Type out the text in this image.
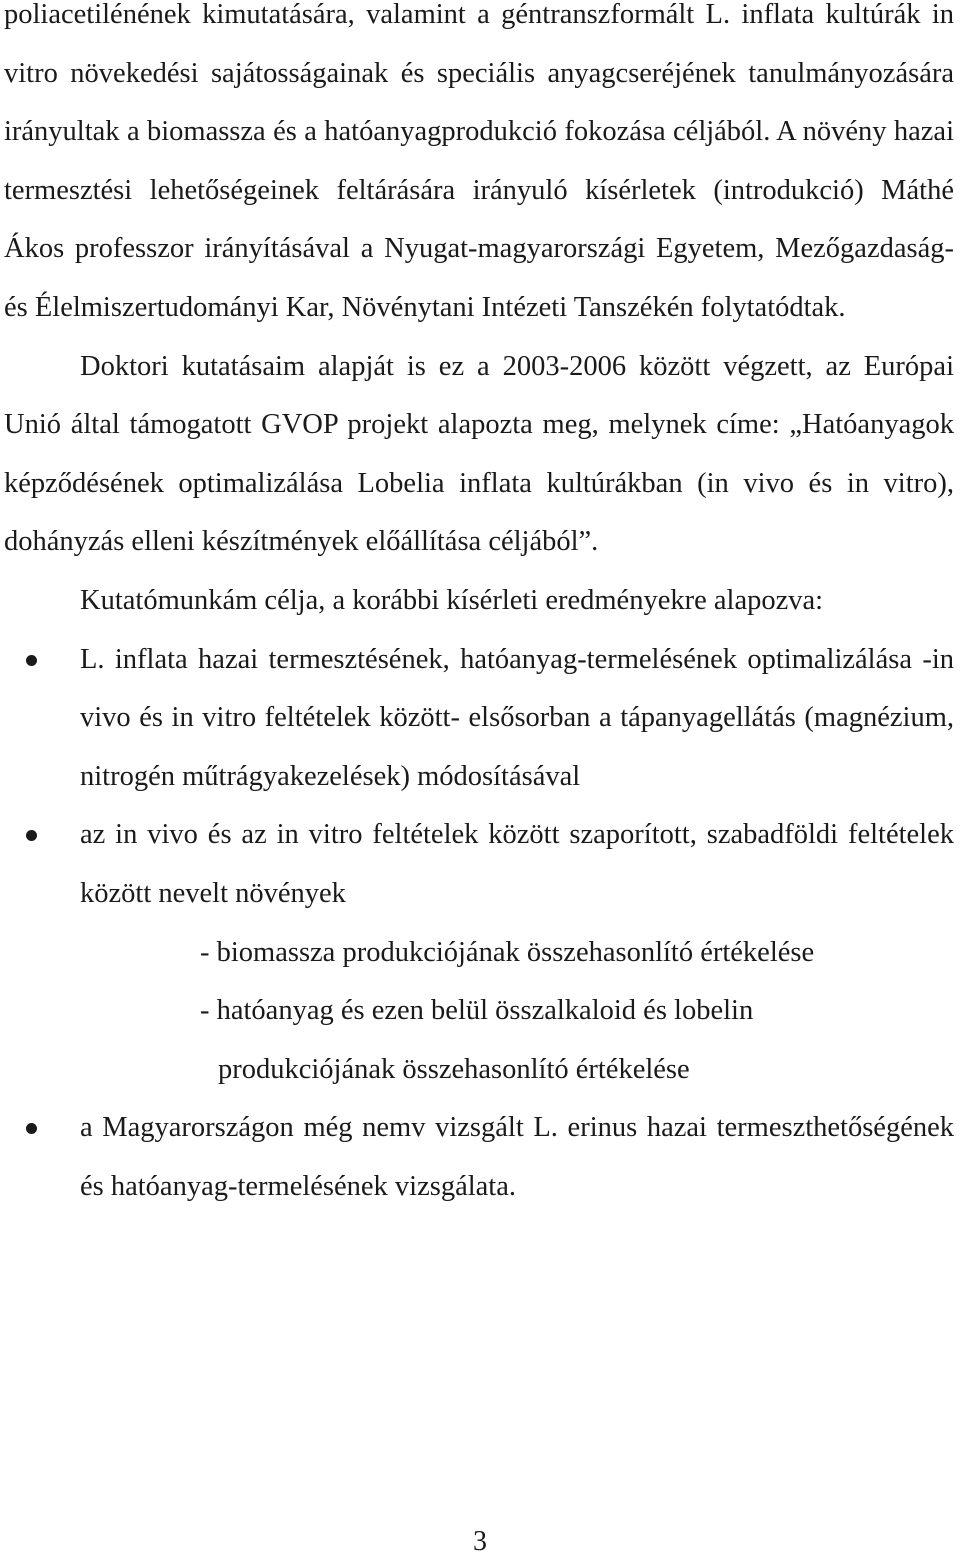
poliacetilénének kimutatására, valamint a géntranszformált L. inflata kultúrák in vitro növekedési sajátosságainak és speciális anyagcseréjének tanulmányozására irányultak a biomassza és a hatóanyagprodukció fokozása céljából. A növény hazai termesztési lehetőségeinek feltárására irányuló kísérletek (introdukció) Máthé Ákos professzor irányításával a Nyugat-magyarországi Egyetem, Mezőgazdaság- és Élelmiszertudományi Kar, Növénytani Intézeti Tanszékén folytatódtak.

Doktori kutatásaim alapját is ez a 2003-2006 között végzett, az Európai Unió által támogatott GVOP projekt alapozta meg, melynek címe: „Hatóanyagok képződésének optimalizálása Lobelia inflata kultúrákban (in vivo és in vitro), dohányzás elleni készítmények előállítása céljából”.

Kutatómunkám célja, a korábbi kísérleti eredményekre alapozva:

L. inflata hazai termesztésének, hatóanyag-termelésének optimalizálása -in vivo és in vitro feltételek között- elsősorban a tápanyagellátás (magnézium, nitrogén műtrágyakezelések) módosításával
az in vivo és az in vitro feltételek között szaporított, szabadföldi feltételek között nevelt növények
- biomassza produkciójának összehasonlító értékelése
- hatóanyag és ezen belül összalkaloid és lobelin
produkciójának összehasonlító értékelése
a Magyarországon még nemv vizsgált L. erinus hazai termeszthetőségének és hatóanyag-termelésének vizsgálata.
3
